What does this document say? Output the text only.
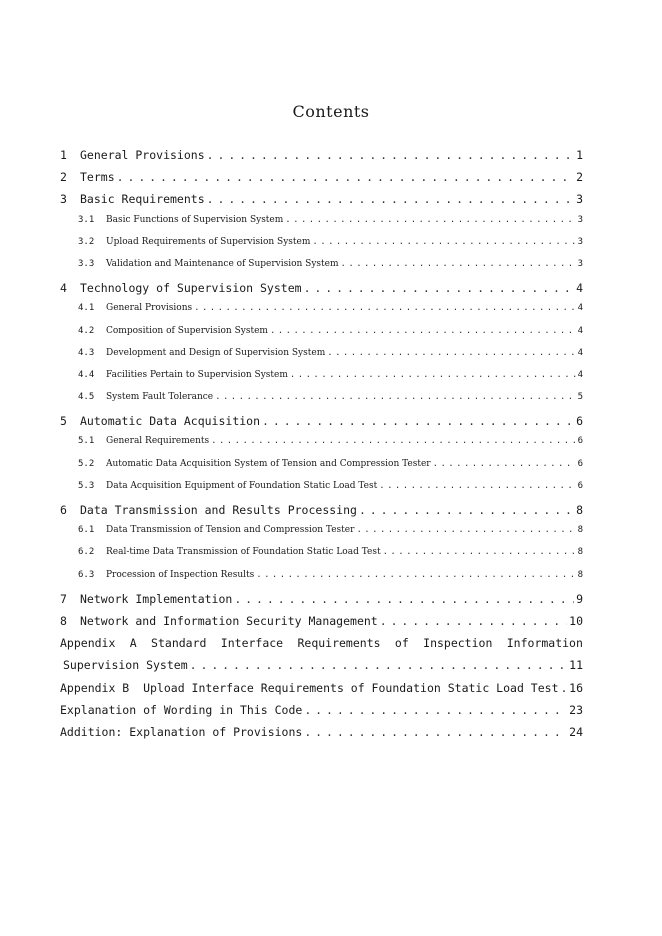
Contents
1	General Provisions . . .	1
2	Terms . . .	2
3	Basic Requirements . . .	3
3.1	Basic Functions of Supervision System . . .	3
3.2	Upload Requirements of Supervision System . . .	3
3.3	Validation and Maintenance of Supervision System . . .	3
4	Technology of Supervision System . . .	4
4.1	General Provisions . . .	4
4.2	Composition of Supervision System . . .	4
4.3	Development and Design of Supervision System . . .	4
4.4	Facilities Pertain to Supervision System . . .	4
4.5	System Fault Tolerance . . .	5
5	Automatic Data Acquisition . . .	6
5.1	General Requirements . . .	6
5.2	Automatic Data Acquisition System of Tension and Compression Tester . . .	6
5.3	Data Acquisition Equipment of Foundation Static Load Test . . .	6
6	Data Transmission and Results Processing . . .	8
6.1	Data Transmission of Tension and Compression Tester . . .	8
6.2	Real-time Data Transmission of Foundation Static Load Test . . .	8
6.3	Procession of Inspection Results . . .	8
7	Network Implementation . . .	9
8	Network and Information Security Management . . .	10
Appendix A Standard Interface Requirements of Inspection Information
Supervision System . . .	11
Appendix B  Upload Interface Requirements of Foundation Static Load Test . . . 16
Explanation of Wording in This Code . . .	23
Addition: Explanation of Provisions . . .	24
